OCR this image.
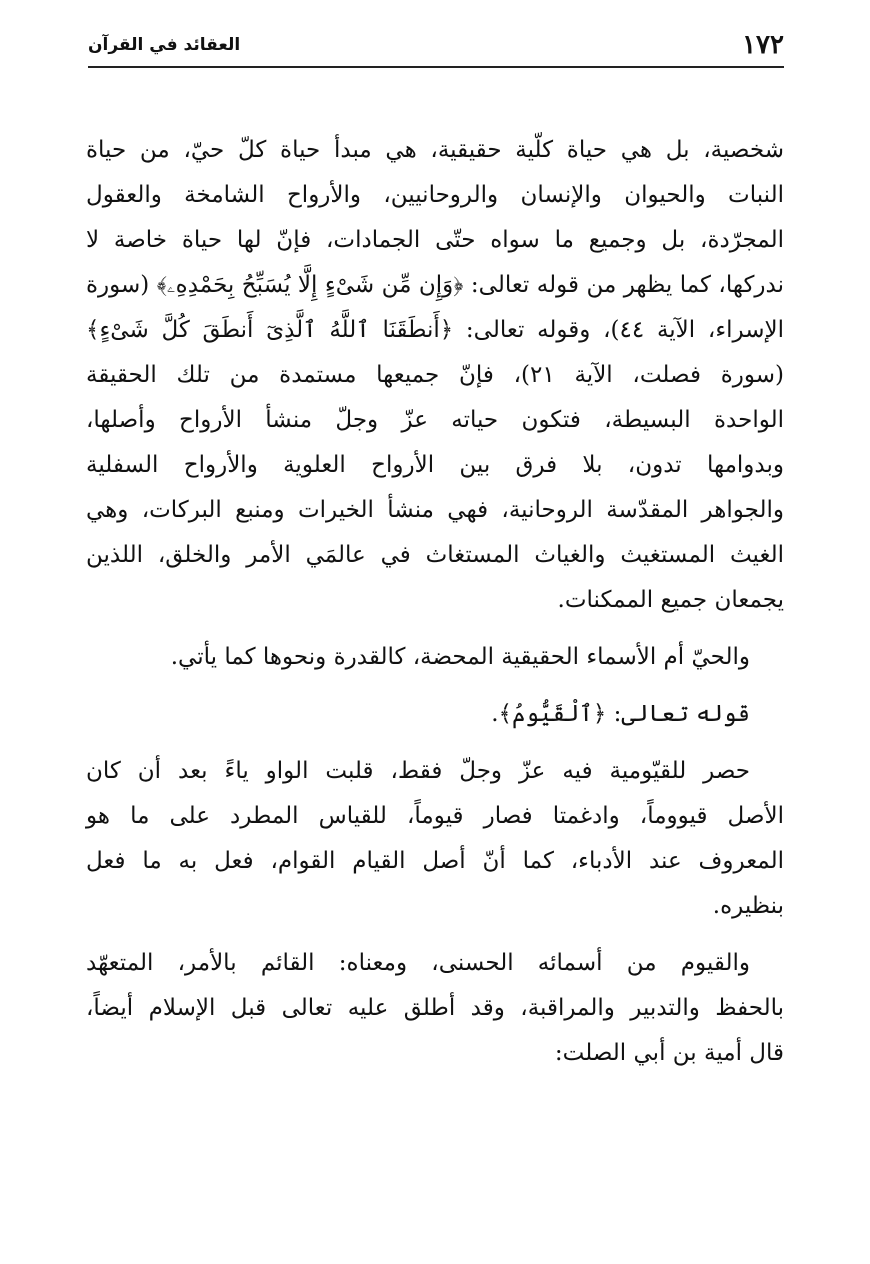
١٧٢
العقائد في القرآن
شخصية، بل هي حياة كلّية حقيقية، هي مبدأ حياة كلّ حيّ، من حياة
النبات والحيوان والإنسان والروحانيين، والأرواح الشامخة والعقول
المجرّدة، بل وجميع ما سواه حتّى الجمادات، فإنّ لها حياة خاصة لا
ندركها، كما يظهر من قوله تعالى: ﴿وَإِن مِّن شَىْءٍ إِلَّا يُسَبِّحُ بِحَمْدِهِۦ﴾ (سورة
الإسراء، الآية ٤٤)، وقوله تعالى: ﴿أَنطَقَنَا ٱللَّهُ ٱلَّذِىٓ أَنطَقَ كُلَّ شَىْءٍ﴾
(سورة فصلت، الآية ٢١)، فإنّ جميعها مستمدة من تلك الحقيقة
الواحدة البسيطة، فتكون حياته عزّ وجلّ منشأ الأرواح وأصلها،
وبدوامها تدون، بلا فرق بين الأرواح العلوية والأرواح السفلية
والجواهر المقدّسة الروحانية، فهي منشأ الخيرات ومنبع البركات، وهي
الغيث المستغيث والغياث المستغاث في عالمَي الأمر والخلق، اللذين
يجمعان جميع الممكنات.
والحيّ أم الأسماء الحقيقية المحضة، كالقدرة ونحوها كما يأتي.
قوله تعالى: ﴿ٱلْقَيُّومُ﴾.
حصر للقيّومية فيه عزّ وجلّ فقط، قلبت الواو ياءً بعد أن كان
الأصل قيووماً، وادغمتا فصار قيوماً، للقياس المطرد على ما هو
المعروف عند الأدباء، كما أنّ أصل القيام القوام، فعل به ما فعل
بنظيره.
والقيوم من أسمائه الحسنى، ومعناه: القائم بالأمر، المتعهّد
بالحفظ والتدبير والمراقبة، وقد أطلق عليه تعالى قبل الإسلام أيضاً،
قال أمية بن أبي الصلت:
